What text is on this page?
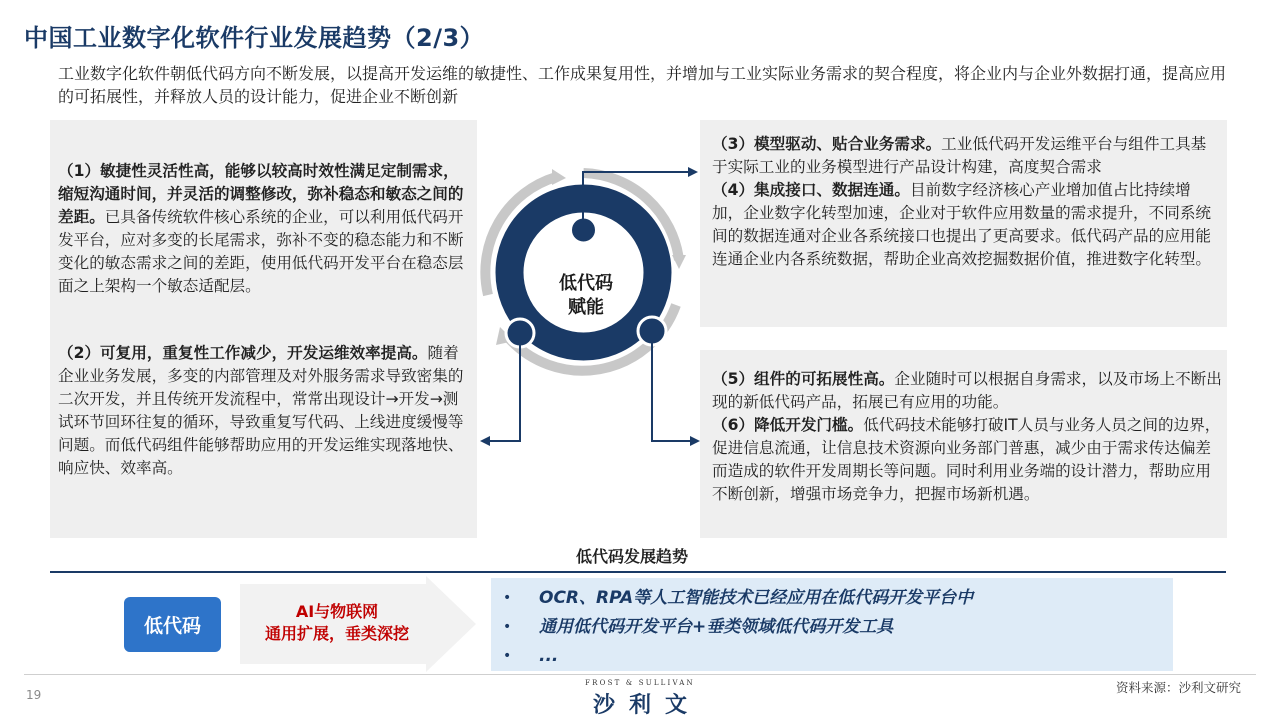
中国工业数字化软件行业发展趋势（2/3）
工业数字化软件朝低代码方向不断发展，以提高开发运维的敏捷性、工作成果复用性，并增加与工业实际业务需求的契合程度，将企业内与企业外数据打通，提高应用的可拓展性，并释放人员的设计能力，促进企业不断创新
（1）敏捷性灵活性高，能够以较高时效性满足定制需求，缩短沟通时间，并灵活的调整修改，弥补稳态和敏态之间的差距。已具备传统软件核心系统的企业，可以利用低代码开发平台，应对多变的长尾需求，弥补不变的稳态能力和不断变化的敏态需求之间的差距，使用低代码开发平台在稳态层面之上架构一个敏态适配层。
（2）可复用，重复性工作减少，开发运维效率提高。随着企业业务发展，多变的内部管理及对外服务需求导致密集的二次开发，并且传统开发流程中，常常出现设计→开发→测试环节回环往复的循环，导致重复写代码、上线进度缓慢等问题。而低代码组件能够帮助应用的开发运维实现落地快、响应快、效率高。
（3）模型驱动、贴合业务需求。工业低代码开发运维平台与组件工具基于实际工业的业务模型进行产品设计构建，高度契合需求
（4）集成接口、数据连通。目前数字经济核心产业增加值占比持续增加，企业数字化转型加速，企业对于软件应用数量的需求提升，不同系统间的数据连通对企业各系统接口也提出了更高要求。低代码产品的应用能连通企业内各系统数据，帮助企业高效挖掘数据价值，推进数字化转型。
（5）组件的可拓展性高。企业随时可以根据自身需求，以及市场上不断出现的新低代码产品，拓展已有应用的功能。
（6）降低开发门槛。低代码技术能够打破IT人员与业务人员之间的边界，促进信息流通，让信息技术资源向业务部门普惠，减少由于需求传达偏差而造成的软件开发周期长等问题。同时利用业务端的设计潜力，帮助应用不断创新，增强市场竞争力，把握市场新机遇。
低代码
赋能
低代码发展趋势
低代码
AI与物联网
通用扩展，垂类深挖
•	OCR、RPA等人工智能技术已经应用在低代码开发平台中
•	通用低代码开发平台+垂类领域低代码开发工具
•	...
19
FROST & SULLIVAN
沙利文
资料来源：沙利文研究
